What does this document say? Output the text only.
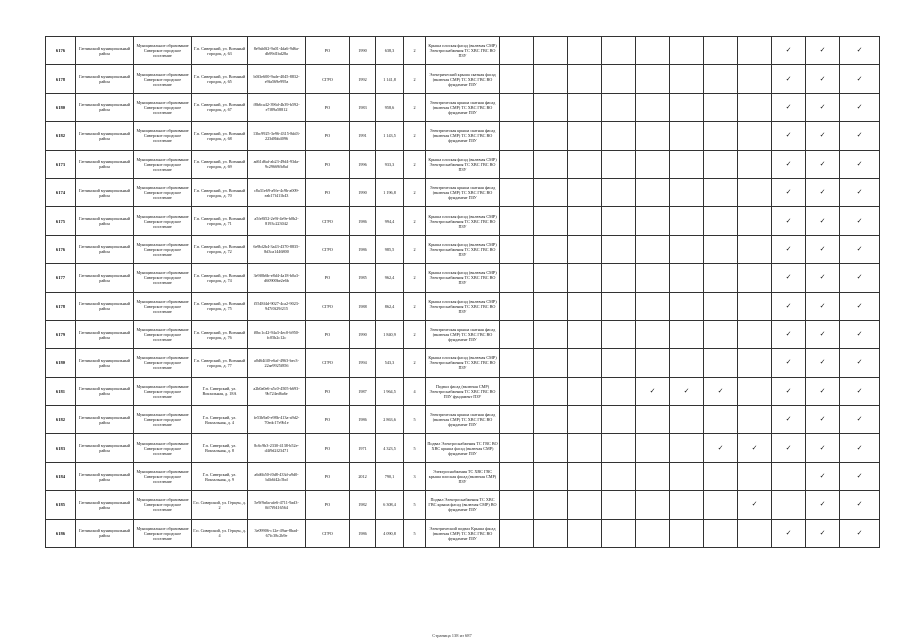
6176	Гатчинский муниципальный район	Муниципальное образование Сиверское городское поселение	Г.п. Сиверский, ул. Военный городок, д. 63	8e9ab0f2-9a01-4da6-9d6a-db99d1bd28a	РО	1990	638,3	2	Крыша плоская фасад (включая СМР) Электроснабжения ТС ХВС ГВС ВО ПЗУ									✓	✓	✓
6178	Гатчинский муниципальный район	Муниципальное образование Сиверское городское поселение	Г.п. Сиверский, ул. Военный городок, д. 65	b0f3e600-9ade-4045-8832-e9fa569e995a	СГРО	1992	1 141,8	2	Электрический крыша скатная фасад (включая СМР) ТС ХВС ГВС ВО фундамент ПЗУ									✓	✓	✓
6180	Гатчинский муниципальный район	Муниципальное образование Сиверское городское поселение	Г.п. Сиверский, ул. Военный городок, д. 67	f8b6ca42-396d-4b39-b592-e7f89a58812	РО	1983	958,6	2	Электрическая крыша скатная фасад (включая СМР) ТС ХВС ГВС ВО фундамент ПЗУ									✓	✓	✓
6182	Гатчинский муниципальный район	Муниципальное образование Сиверское городское поселение	Г.п. Сиверский, ул. Военный городок, д. 68	13bc9925-3e96-4315-8dd3-223d8bb4096	РО	1991	1 143,5	2	Электрическая крыша скатная фасад (включая СМР) ТС ХВС ГВС ВО фундамент ПЗУ									✓	✓	✓
6173	Гатчинский муниципальный район	Муниципальное образование Сиверское городское поселение	Г.п. Сиверский, ул. Военный городок, д. 69	ad61d6af-ab23-49d4-93da-9c29669fb8af	РО	1996	933,3	2	Крыша плоская фасад (включая СМР) Электроснабжения ТС ХВС ГВС ВО ПЗУ									✓	✓	✓
6174	Гатчинский муниципальный район	Муниципальное образование Сиверское городское поселение	Г.п. Сиверский, ул. Военный городок, д. 70	c8a31e69-a9fe-4c9b-a009-eab17f411b43	РО	1990	1 196,8	2	Электрическая крыша скатная фасад (включая СМР) ТС ХВС ГВС ВО фундамент ПЗУ									✓	✓	✓
6175	Гатчинский муниципальный район	Муниципальное образование Сиверское городское поселение	Г.п. Сиверский, ул. Военный городок, д. 71	a5fe8f52-2e9f-4e9e-b0b2-8193c223042	СГРО	1986	994,4	2	Крыша плоская фасад (включая СМР) Электроснабжения ТС ХВС ГВС ВО ПЗУ									✓	✓	✓
6176	Гатчинский муниципальный район	Муниципальное образование Сиверское городское поселение	Г.п. Сиверский, ул. Военный городок, д. 72	6e9bf2b4-3a43-4370-8835-8d3ca1446800	СГРО	1986	985,5	2	Крыша плоская фасад (включая СМР) Электроснабжения ТС ХВС ГВС ВО ПЗУ									✓	✓	✓
6177	Гатчинский муниципальный район	Муниципальное образование Сиверское городское поселение	Г.п. Сиверский, ул. Военный городок, д. 74	3e9f0b6b-e8d4-4a18-b0a3-d60900be2e6b	РО	1985	962,4	2	Крыша плоская фасад (включая СМР) Электроснабжения ТС ХВС ГВС ВО ПЗУ									✓	✓	✓
6178	Гатчинский муниципальный район	Муниципальное образование Сиверское городское поселение	Г.п. Сиверский, ул. Военный городок, д. 75	f5548f4d-9027-4ca2-9023-947f0f29f215	СГРО	1988	862,4	2	Крыша плоская фасад (включая СМР) Электроснабжения ТС ХВС ГВС ВО ПЗУ									✓	✓	✓
6179	Гатчинский муниципальный район	Муниципальное образование Сиверское городское поселение	Г.п. Сиверский, ул. Военный городок, д. 76	f0bc1c42-94a3-4ec0-b950-fc05b2c12c	РО	1990	1 840,9	2	Электрическая крыша скатная фасад (включая СМР) ТС ХВС ГВС ВО фундамент ПЗУ									✓	✓	✓
6180	Гатчинский муниципальный район	Муниципальное образование Сиверское городское поселение	Г.п. Сиверский, ул. Военный городок, д. 77	a0d64f40-e6af-4963-bec3-22ae9925f856	СГРО	1994	543,3	2	Крыша плоская фасад (включая СМР) Электроснабжения ТС ХВС ГВС ВО ПЗУ									✓	✓	✓
6181	Гатчинский муниципальный район	Муниципальное образование Сиверское городское поселение	Г.п. Сиверский, ул. Вокзальная, д. 18А	a2b0a0e6-a5c0-4505-b693-9b724ed6a6e	РО	1987	1 964,5	4	Подвал фасад (включая СМР) Электроснабжения ТС ХВС ГВС ВО ПЗУ фундамент ПЗУ					✓	✓	✓		✓	✓	✓
6182	Гатчинский муниципальный район	Муниципальное образование Сиверское городское поселение	Г.п. Сиверский, ул. Вокзальная, д. 4	fe53b9a0-e98b-413a-a9d2-70edc17e9b1e	РО	1986	2 863,6	5	Электрическая крыша скатная фасад (включая СМР) ТС ХВС ГВС ВО фундамент ПЗУ									✓	✓	✓
6183	Гатчинский муниципальный район	Муниципальное образование Сиверское городское поселение	Г.п. Сиверский, ул. Вокзальная, д. 8	8c6c9b3-2330-4138-b52e-d4f9d2f23471	РО	1971	4 323,5	5	Подвал Электроснабжения ТС ГВС ВО ХВС крыша фасад (включая СМР) фундамент ПЗУ							✓	✓	✓	✓	✓
6184	Гатчинский муниципальный район	Муниципальное образование Сиверское городское поселение	Г.п. Сиверский, ул. Вокзальная, д. 9	a6d6b50-f0d8-433d-a9d0-b4b6f42c5bd	РО	2012	790,1	3	Электроснабжения ТС ХВС ГВС крыша плоская фасад (включая СМР) ПЗУ										✓	✓
6185	Гатчинский муниципальный район	Муниципальное образование Сиверское городское поселение	Г.п. Сиверский, ул. Герцен, д. 2	5e9f9a6a-afe6-4711-9ad3-0ff7f9416564	РО	1982	6 308,4	5	Подвал Электроснабжения ТС ХВС ГВС крыша фасад (включая СМР) ВО фундамент ПЗУ								✓		✓	✓
6186	Гатчинский муниципальный район	Муниципальное образование Сиверское городское поселение	Г.п. Сиверский, ул. Герцен, д. 4	3e09906-c12e-49ae-8bad-67fc38c2b9e	СГРО	1986	4 090,8	5	Электрический подвал Крыша фасад (включая СМР) ТС ХВС ГВС ВО фундамент ПЗУ									✓	✓	✓
Страница 138 из 687
